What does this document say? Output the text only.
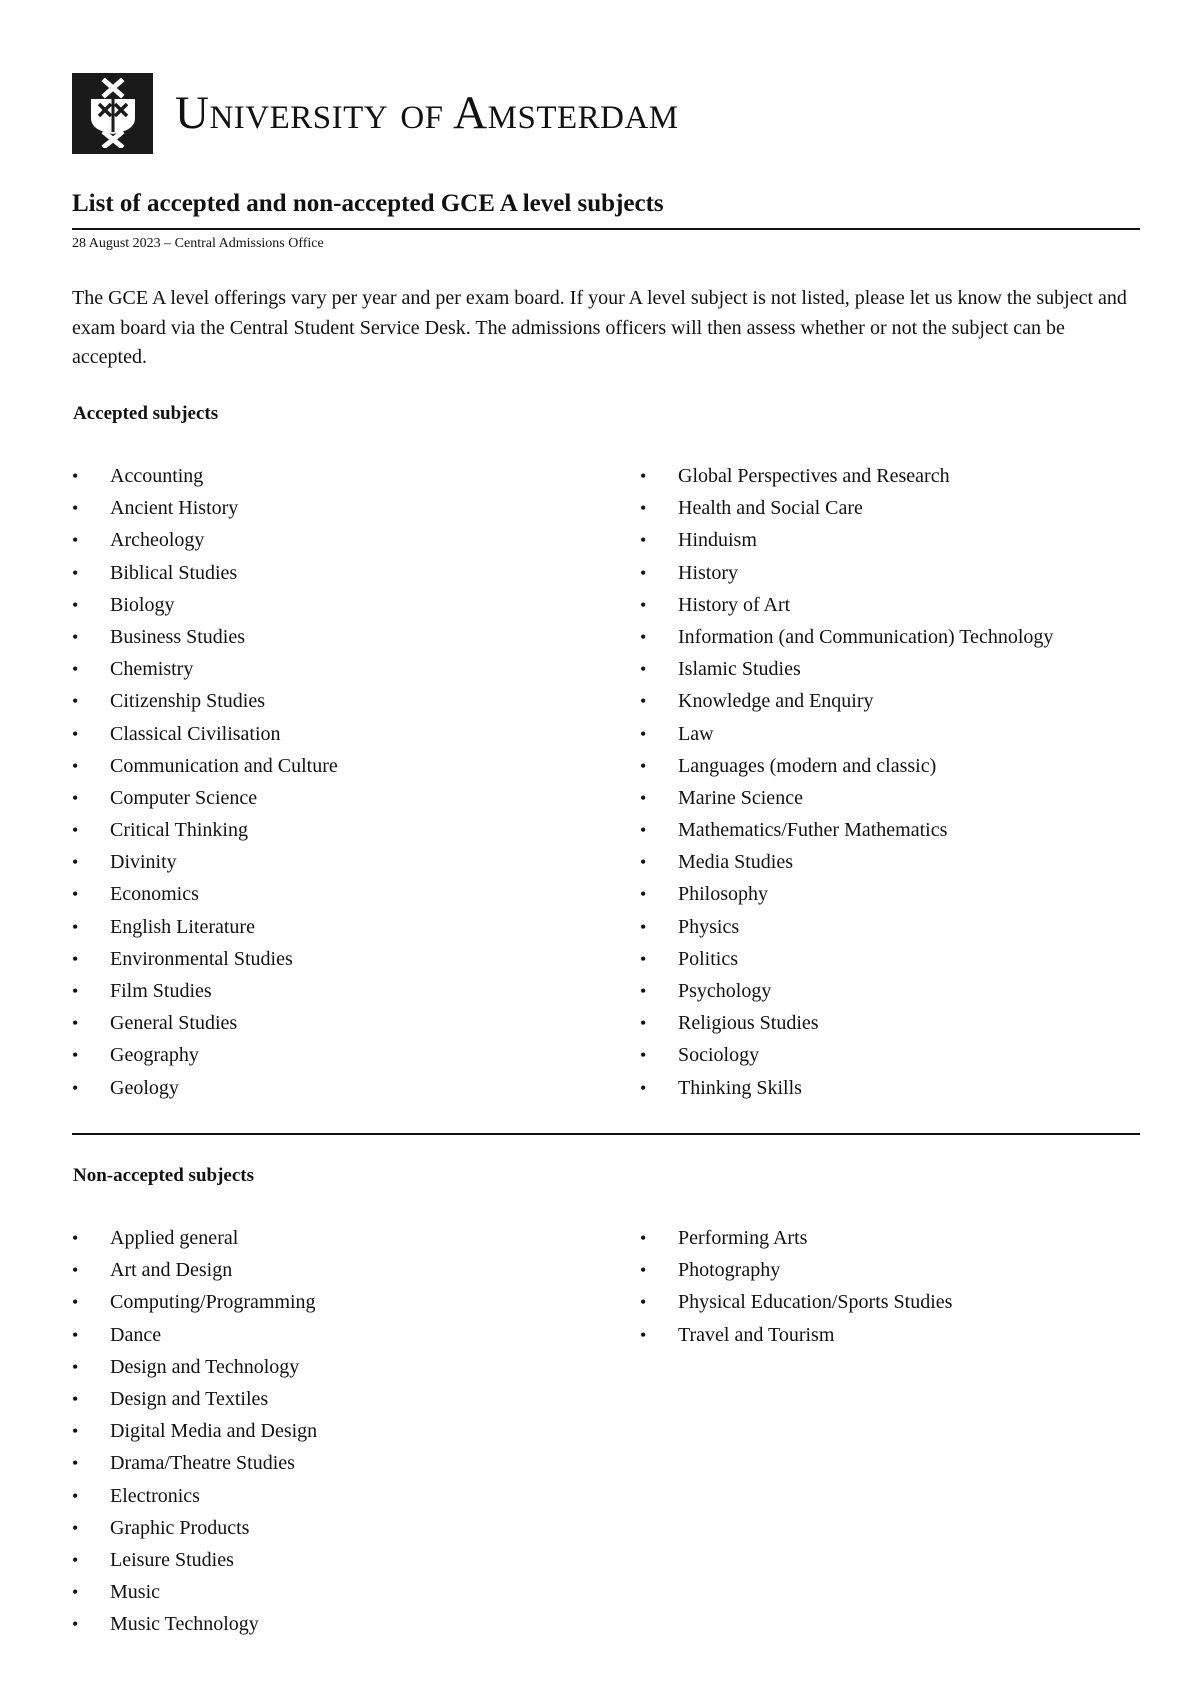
University of Amsterdam
List of accepted and non-accepted GCE A level subjects
28 August 2023 – Central Admissions Office

The GCE A level offerings vary per year and per exam board. If your A level subject is not listed, please let us know the subject and exam board via the Central Student Service Desk. The admissions officers will then assess whether or not the subject can be accepted.

Accepted subjects
• Accounting
• Ancient History
• Archeology
• Biblical Studies
• Biology
• Business Studies
• Chemistry
• Citizenship Studies
• Classical Civilisation
• Communication and Culture
• Computer Science
• Critical Thinking
• Divinity
• Economics
• English Literature
• Environmental Studies
• Film Studies
• General Studies
• Geography
• Geology
• Global Perspectives and Research
• Health and Social Care
• Hinduism
• History
• History of Art
• Information (and Communication) Technology
• Islamic Studies
• Knowledge and Enquiry
• Law
• Languages (modern and classic)
• Marine Science
• Mathematics/Futher Mathematics
• Media Studies
• Philosophy
• Physics
• Politics
• Psychology
• Religious Studies
• Sociology
• Thinking Skills
Non-accepted subjects
• Applied general
• Art and Design
• Computing/Programming
• Dance
• Design and Technology
• Design and Textiles
• Digital Media and Design
• Drama/Theatre Studies
• Electronics
• Graphic Products
• Leisure Studies
• Music
• Music Technology
• Performing Arts
• Photography
• Physical Education/Sports Studies
• Travel and Tourism
